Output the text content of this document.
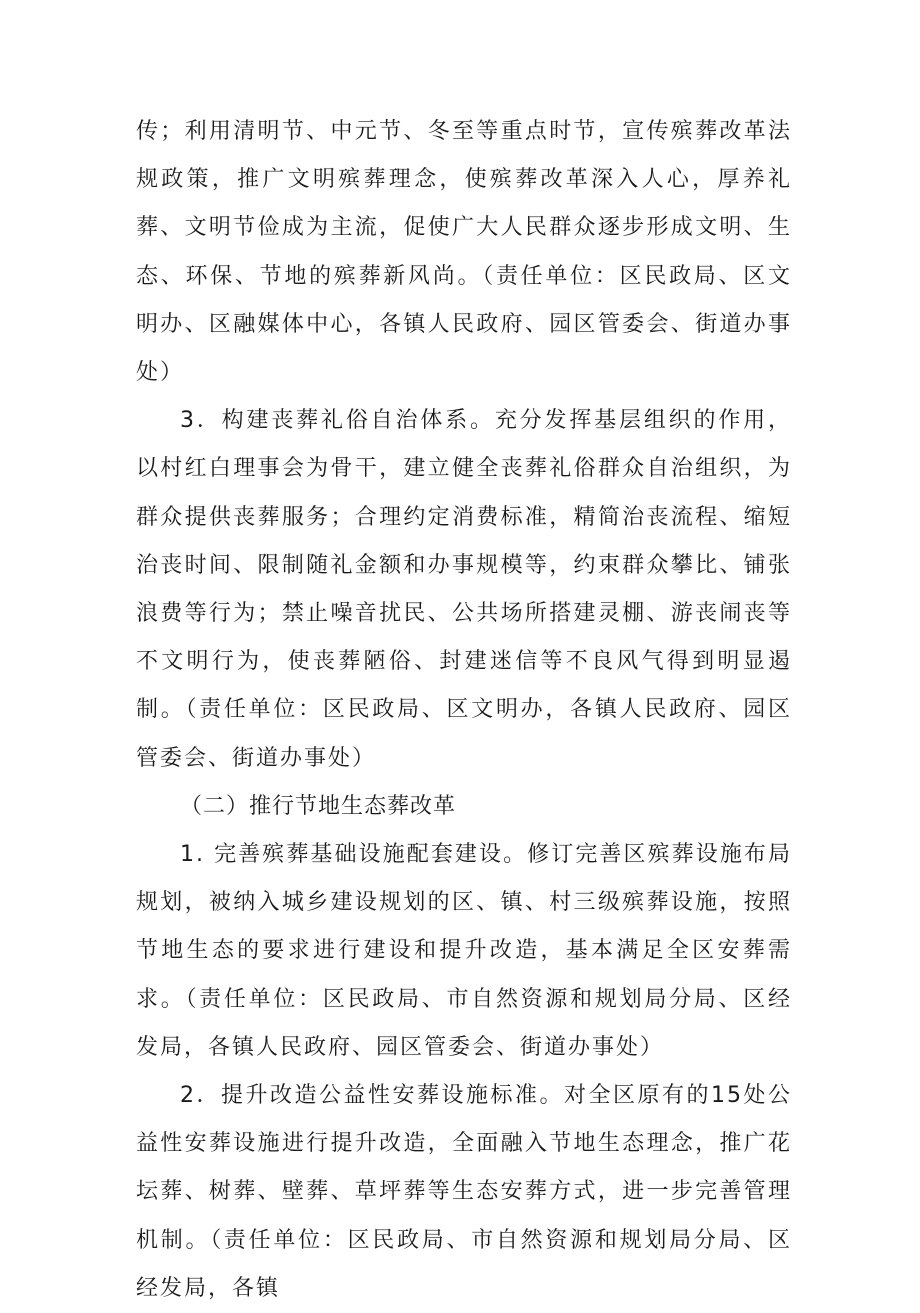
传；利用清明节、中元节、冬至等重点时节，宣传殡葬改革法规政策，推广文明殡葬理念，使殡葬改革深入人心，厚养礼葬、文明节俭成为主流，促使广大人民群众逐步形成文明、生态、环保、节地的殡葬新风尚。（责任单位：区民政局、区文明办、区融媒体中心，各镇人民政府、园区管委会、街道办事处）

3．构建丧葬礼俗自治体系。充分发挥基层组织的作用，以村红白理事会为骨干，建立健全丧葬礼俗群众自治组织，为群众提供丧葬服务；合理约定消费标准，精简治丧流程、缩短治丧时间、限制随礼金额和办事规模等，约束群众攀比、铺张浪费等行为；禁止噪音扰民、公共场所搭建灵棚、游丧闹丧等不文明行为，使丧葬陋俗、封建迷信等不良风气得到明显遏制。（责任单位：区民政局、区文明办，各镇人民政府、园区管委会、街道办事处）

（二）推行节地生态葬改革

1. 完善殡葬基础设施配套建设。修订完善区殡葬设施布局规划，被纳入城乡建设规划的区、镇、村三级殡葬设施，按照节地生态的要求进行建设和提升改造，基本满足全区安葬需求。（责任单位：区民政局、市自然资源和规划局分局、区经发局，各镇人民政府、园区管委会、街道办事处）

2．提升改造公益性安葬设施标准。对全区原有的15处公益性安葬设施进行提升改造，全面融入节地生态理念，推广花坛葬、树葬、壁葬、草坪葬等生态安葬方式，进一步完善管理机制。（责任单位：区民政局、市自然资源和规划局分局、区经发局，各镇
